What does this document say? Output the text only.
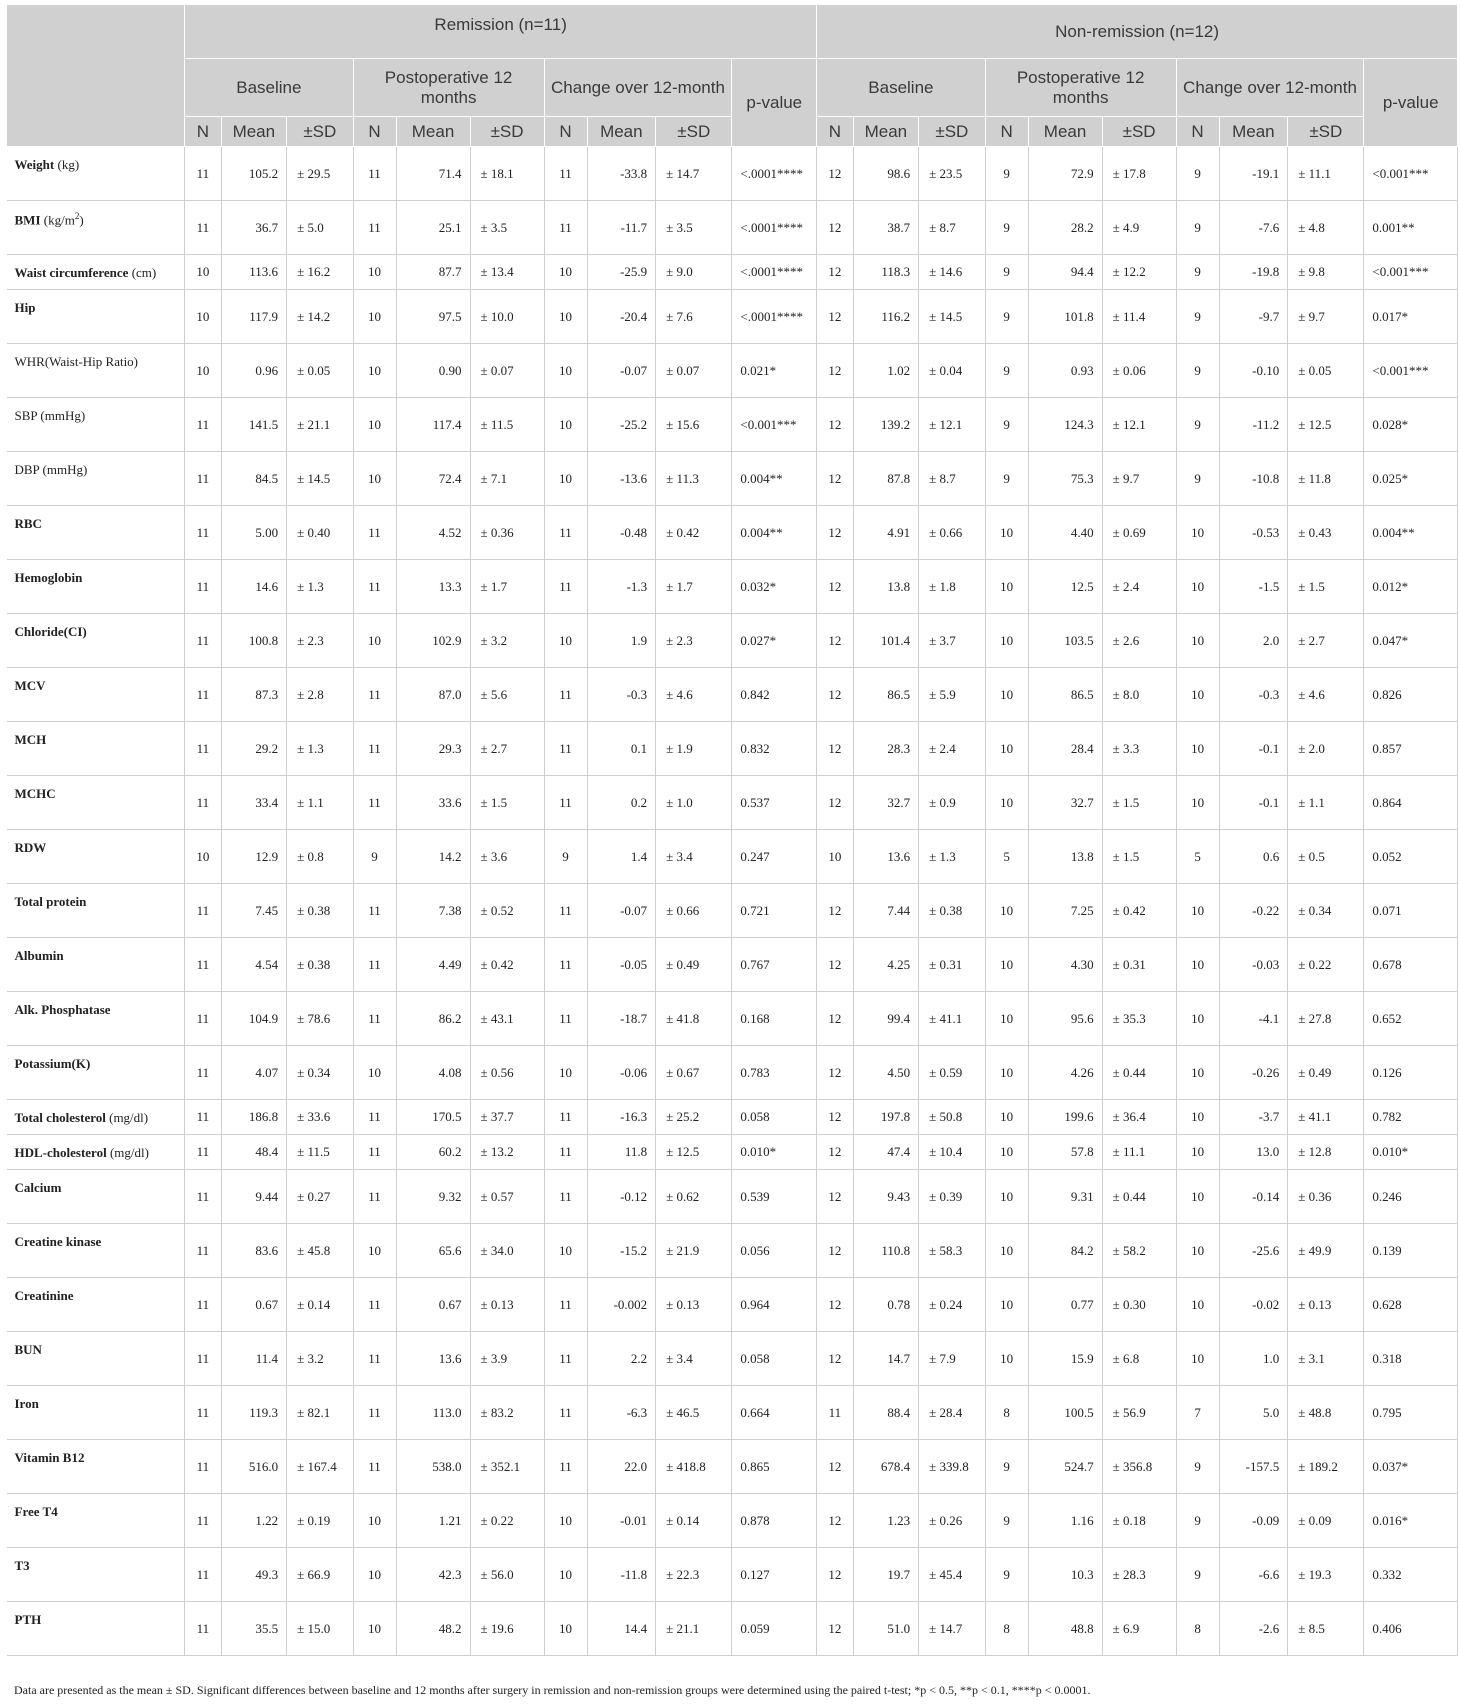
	Remission (n=11)										Non-remission (n=12)									
	Baseline			Postoperative 12 months			Change over 12-month			p-value	Baseline			Postoperative 12 months			Change over 12-month			p-value
	N	Mean	±SD	N	Mean	±SD	N	Mean	±SD		N	Mean	±SD	N	Mean	±SD	N	Mean	±SD	
Weight (kg)	11	105.2	± 29.5	11	71.4	± 18.1	11	-33.8	± 14.7	<.0001****	12	98.6	± 23.5	9	72.9	± 17.8	9	-19.1	± 11.1	<0.001***
BMI $(kg/m^2)$	11	36.7	± 5.0	11	25.1	± 3.5	11	-11.7	± 3.5	<.0001****	12	38.7	± 8.7	9	28.2	± 4.9	9	-7.6	± 4.8	0.001**
Waist circumference (cm)	10	113.6	± 16.2	10	87.7	± 13.4	10	-25.9	± 9.0	<.0001****	12	118.3	± 14.6	9	94.4	± 12.2	9	-19.8	± 9.8	<0.001***
Hip	10	117.9	± 14.2	10	97.5	± 10.0	10	-20.4	± 7.6	<.0001****	12	116.2	± 14.5	9	101.8	± 11.4	9	-9.7	± 9.7	0.017*
WHR(Waist-Hip Ratio)	10	0.96	± 0.05	10	0.90	± 0.07	10	-0.07	± 0.07	0.021*	12	1.02	± 0.04	9	0.93	± 0.06	9	-0.10	± 0.05	<0.001***
SBP (mmHg)	11	141.5	± 21.1	10	117.4	± 11.5	10	-25.2	± 15.6	<0.001***	12	139.2	± 12.1	9	124.3	± 12.1	9	-11.2	± 12.5	0.028*
DBP (mmHg)	11	84.5	± 14.5	10	72.4	± 7.1	10	-13.6	± 11.3	0.004**	12	87.8	± 8.7	9	75.3	± 9.7	9	-10.8	± 11.8	0.025*
RBC	11	5.00	± 0.40	11	4.52	± 0.36	11	-0.48	± 0.42	0.004**	12	4.91	± 0.66	10	4.40	± 0.69	10	-0.53	± 0.43	0.004**
Hemoglobin	11	14.6	± 1.3	11	13.3	± 1.7	11	-1.3	± 1.7	0.032*	12	13.8	± 1.8	10	12.5	± 2.4	10	-1.5	± 1.5	0.012*
Chloride(CI)	11	100.8	± 2.3	10	102.9	± 3.2	10	1.9	± 2.3	0.027*	12	101.4	± 3.7	10	103.5	± 2.6	10	2.0	± 2.7	0.047*
MCV	11	87.3	± 2.8	11	87.0	± 5.6	11	-0.3	± 4.6	0.842	12	86.5	± 5.9	10	86.5	± 8.0	10	-0.3	± 4.6	0.826
MCH	11	29.2	± 1.3	11	29.3	± 2.7	11	0.1	± 1.9	0.832	12	28.3	± 2.4	10	28.4	± 3.3	10	-0.1	± 2.0	0.857
MCHC	11	33.4	± 1.1	11	33.6	± 1.5	11	0.2	± 1.0	0.537	12	32.7	± 0.9	10	32.7	± 1.5	10	-0.1	± 1.1	0.864
RDW	10	12.9	± 0.8	9	14.2	± 3.6	9	1.4	± 3.4	0.247	10	13.6	± 1.3	5	13.8	± 1.5	5	0.6	± 0.5	0.052
Total protein	11	7.45	± 0.38	11	7.38	± 0.52	11	-0.07	± 0.66	0.721	12	7.44	± 0.38	10	7.25	± 0.42	10	-0.22	± 0.34	0.071
Albumin	11	4.54	± 0.38	11	4.49	± 0.42	11	-0.05	± 0.49	0.767	12	4.25	± 0.31	10	4.30	± 0.31	10	-0.03	± 0.22	0.678
Alk. Phosphatase	11	104.9	± 78.6	11	86.2	± 43.1	11	-18.7	± 41.8	0.168	12	99.4	± 41.1	10	95.6	± 35.3	10	-4.1	± 27.8	0.652
Potassium(K)	11	4.07	± 0.34	10	4.08	± 0.56	10	-0.06	± 0.67	0.783	12	4.50	± 0.59	10	4.26	± 0.44	10	-0.26	± 0.49	0.126
Total cholesterol (mg/dl)	11	186.8	± 33.6	11	170.5	± 37.7	11	-16.3	± 25.2	0.058	12	197.8	± 50.8	10	199.6	± 36.4	10	-3.7	± 41.1	0.782
HDL-cholesterol (mg/dl)	11	48.4	± 11.5	11	60.2	± 13.2	11	11.8	± 12.5	0.010*	12	47.4	± 10.4	10	57.8	± 11.1	10	13.0	± 12.8	0.010*
Calcium	11	9.44	± 0.27	11	9.32	± 0.57	11	-0.12	± 0.62	0.539	12	9.43	± 0.39	10	9.31	± 0.44	10	-0.14	± 0.36	0.246
Creatine kinase	11	83.6	± 45.8	10	65.6	± 34.0	10	-15.2	± 21.9	0.056	12	110.8	± 58.3	10	84.2	± 58.2	10	-25.6	± 49.9	0.139
Creatinine	11	0.67	± 0.14	11	0.67	± 0.13	11	-0.002	± 0.13	0.964	12	0.78	± 0.24	10	0.77	± 0.30	10	-0.02	± 0.13	0.628
BUN	11	11.4	± 3.2	11	13.6	± 3.9	11	2.2	± 3.4	0.058	12	14.7	± 7.9	10	15.9	± 6.8	10	1.0	± 3.1	0.318
Iron	11	119.3	± 82.1	11	113.0	± 83.2	11	-6.3	± 46.5	0.664	11	88.4	± 28.4	8	100.5	± 56.9	7	5.0	± 48.8	0.795
Vitamin B12	11	516.0	± 167.4	11	538.0	± 352.1	11	22.0	± 418.8	0.865	12	678.4	± 339.8	9	524.7	± 356.8	9	-157.5	± 189.2	0.037*
Free T4	11	1.22	± 0.19	10	1.21	± 0.22	10	-0.01	± 0.14	0.878	12	1.23	± 0.26	9	1.16	± 0.18	9	-0.09	± 0.09	0.016*
T3	11	49.3	± 66.9	10	42.3	± 56.0	10	-11.8	± 22.3	0.127	12	19.7	± 45.4	9	10.3	± 28.3	9	-6.6	± 19.3	0.332
PTH	11	35.5	± 15.0	10	48.2	± 19.6	10	14.4	± 21.1	0.059	12	51.0	± 14.7	8	48.8	± 6.9	8	-2.6	± 8.5	0.406
Data are presented as the mean ± SD. Significant differences between baseline and 12 months after surgery in remission and non-remission groups were determined using the paired t-test; *p < 0.5, **p < 0.1, ****p < 0.0001.
